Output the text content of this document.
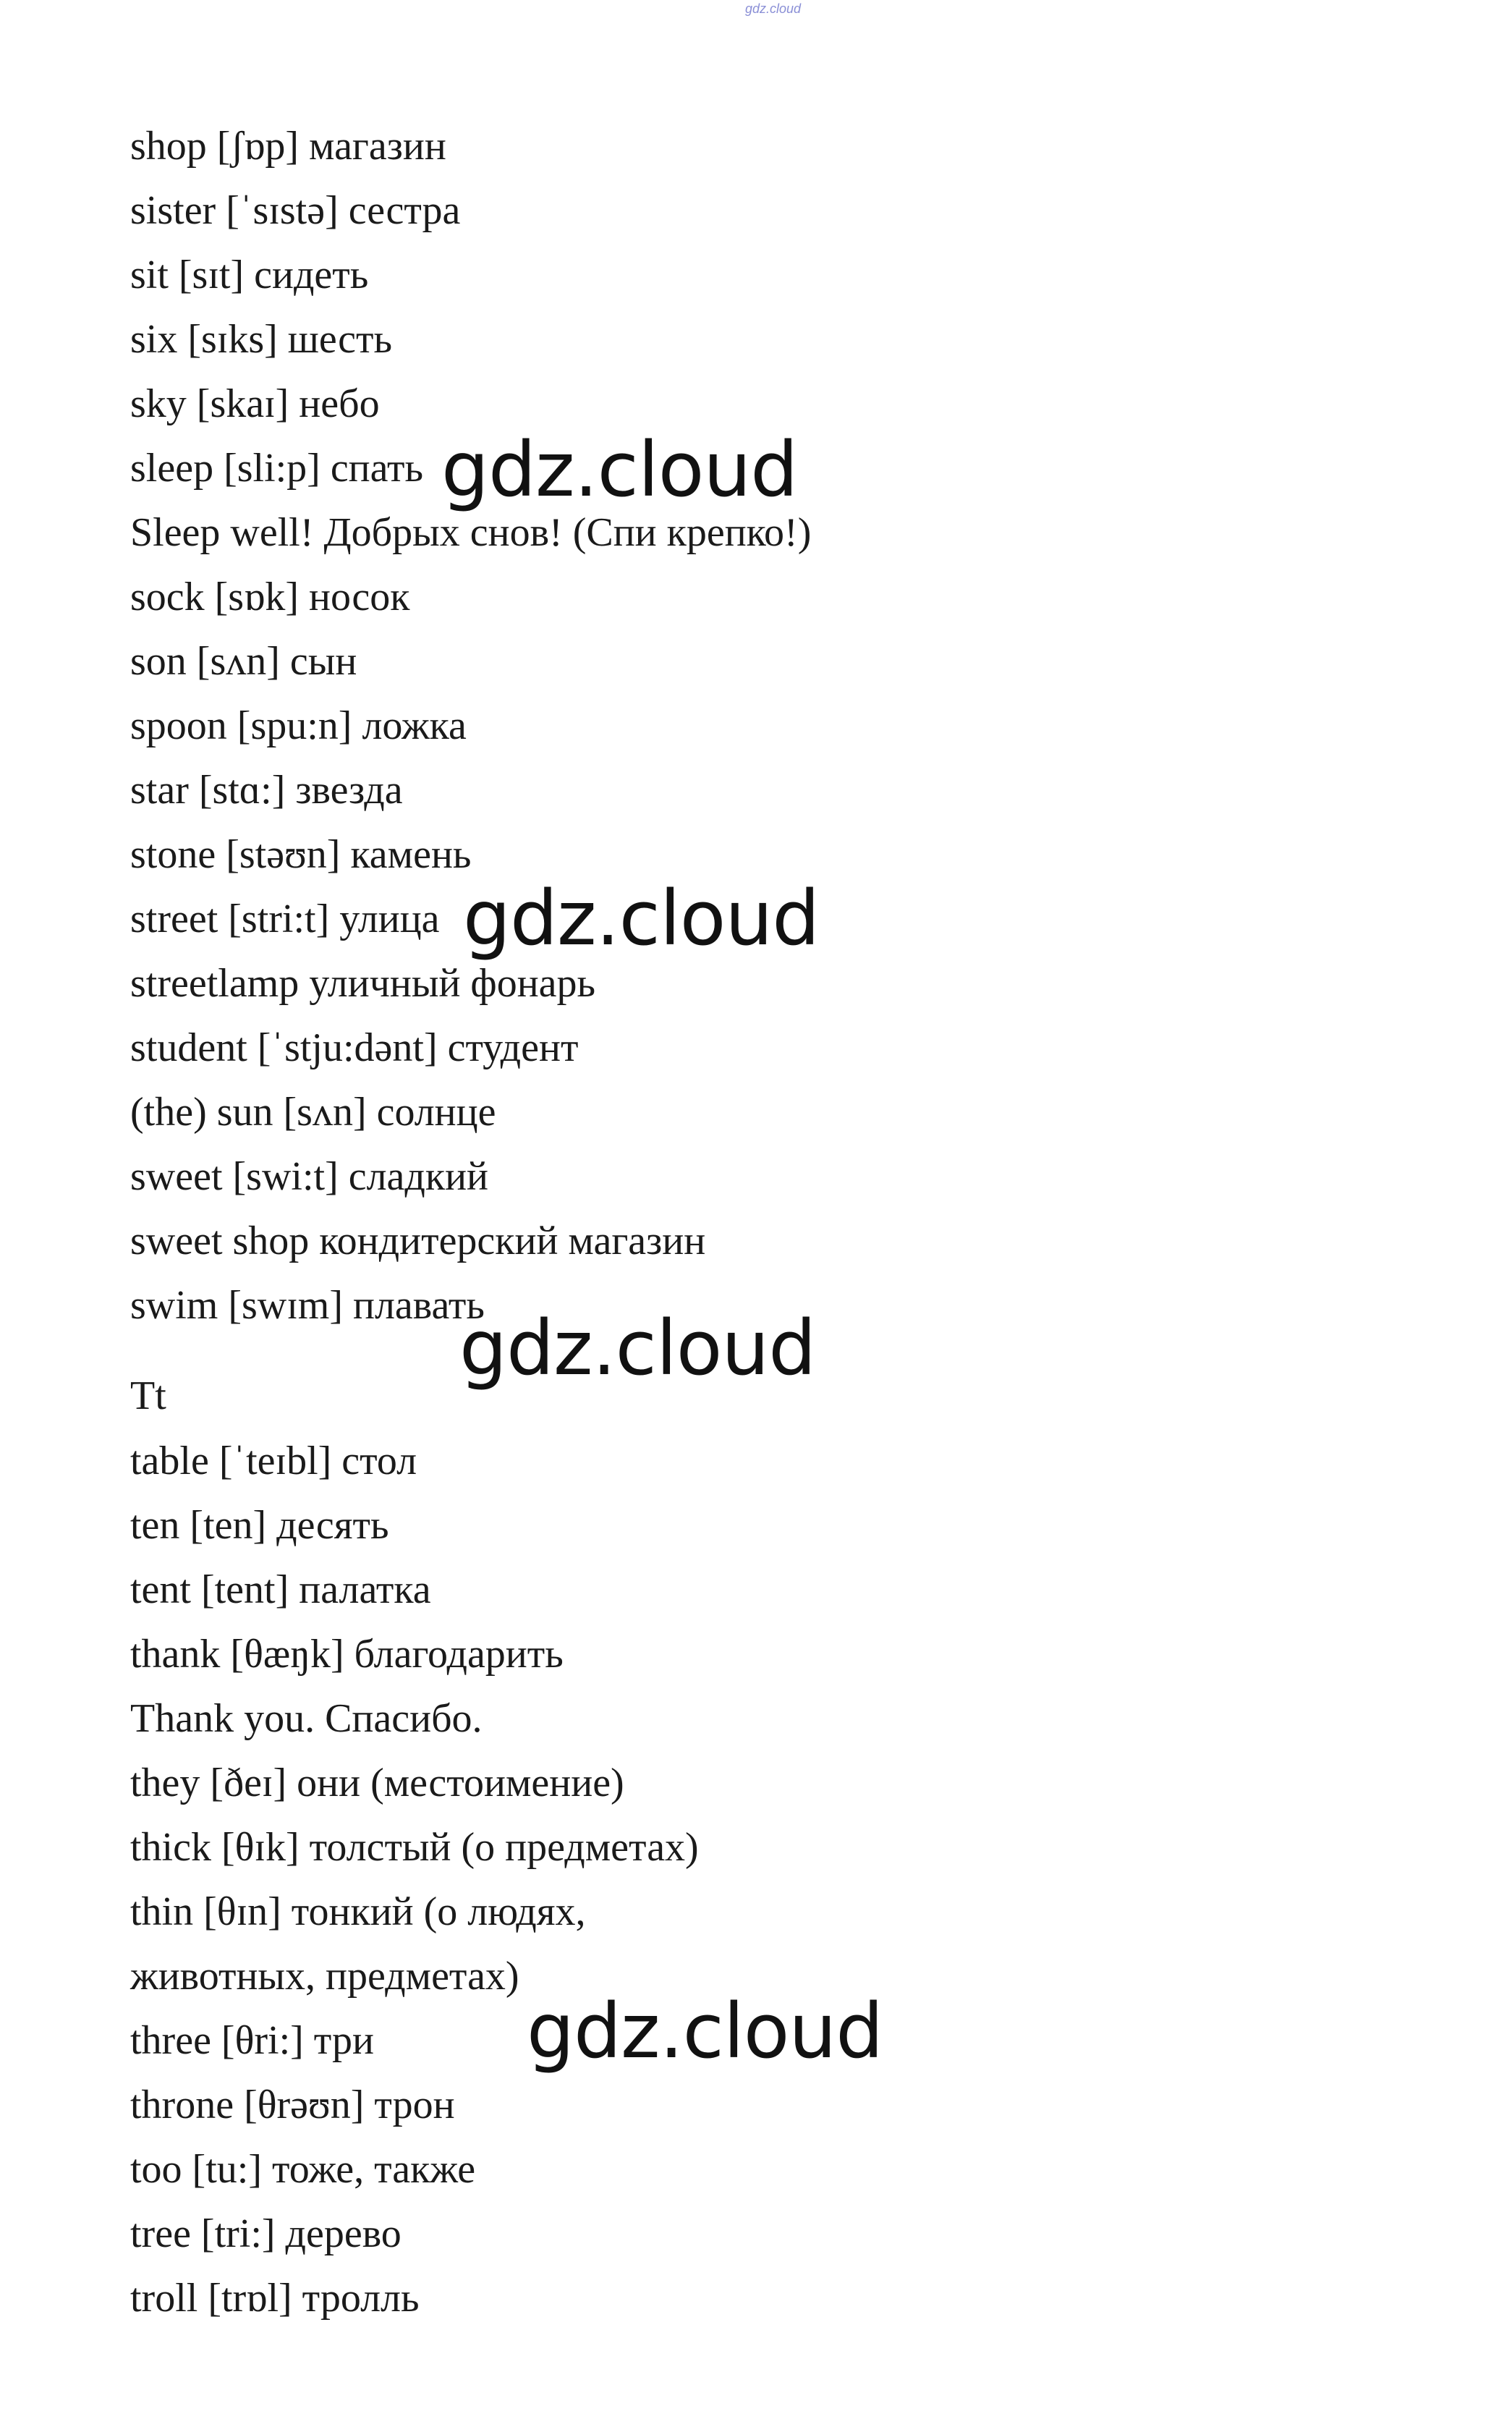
gdz.cloud
shop [ʃɒp] магазин
sister [ˈsɪstə] сестра
sit [sɪt] сидеть
six [sɪks] шесть
sky [skaɪ] небо
sleep [sli:p] спать
Sleep well! Добрых снов! (Спи крепко!)
sock [sɒk] носок
son [sʌn] сын
spoon [spu:n] ложка
star [stɑ:] звезда
stone [stəʊn] камень
street [stri:t] улица
streetlamp уличный фонарь
student [ˈstju:dənt] студент
(the) sun [sʌn] солнце
sweet [swi:t] сладкий
sweet shop кондитерский магазин
swim [swɪm] плавать
Tt
table [ˈteɪbl] стол
ten [ten] десять
tent [tent] палатка
thank [θæŋk] благодарить
Thank you. Спасибо.
they [ðeɪ] они (местоимение)
thick [θɪk] толстый (о предметах)
thin [θɪn] тонкий (о людях,
животных, предметах)
three [θri:] три
throne [θrəʊn] трон
too [tu:] тоже, также
tree [tri:] дерево
troll [trɒl] тролль
gdz.cloud
gdz.cloud
gdz.cloud
gdz.cloud
